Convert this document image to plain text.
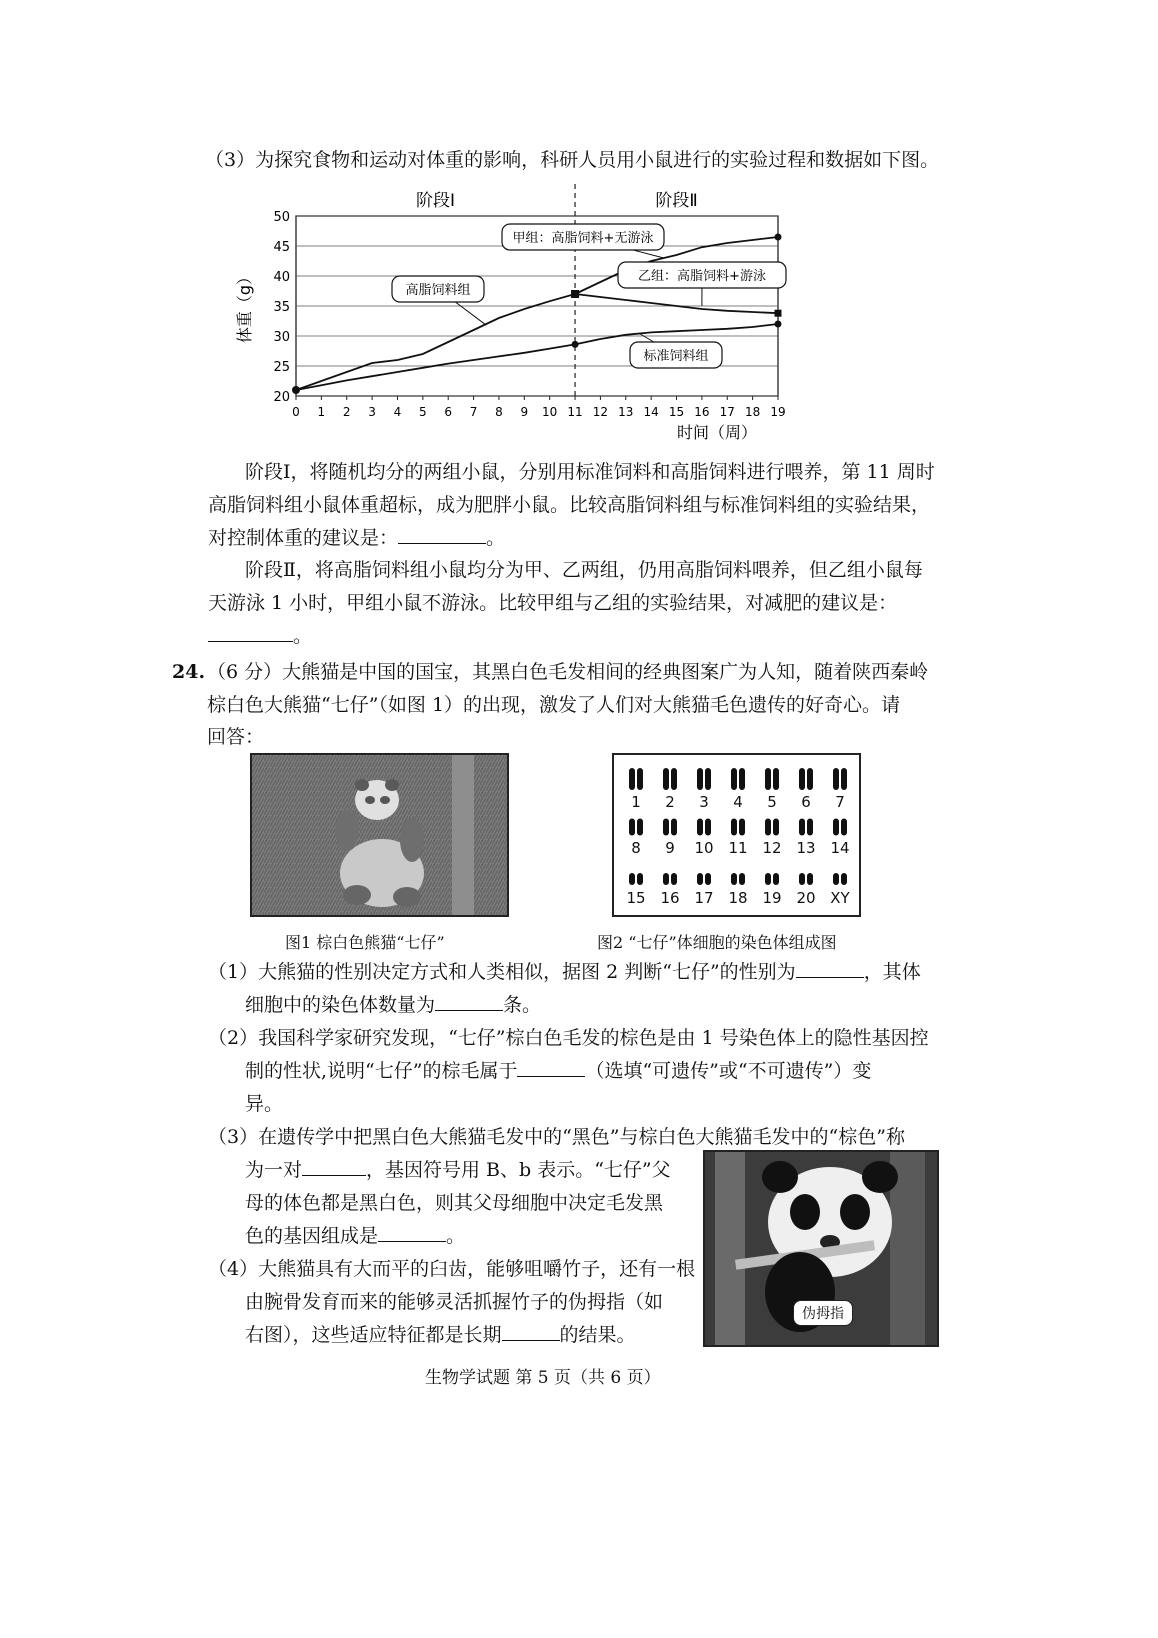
（3）为探究食物和运动对体重的影响，科研人员用小鼠进行的实验过程和数据如下图。
20
25
30
35
40
45
50
0 1 2 3 4 5 6 7 8 9 10 11 12 13 14 15 16 17 18 19
阶段Ⅰ	阶段Ⅱ
时间（周）
体重（g）	高脂饲料组
标准饲料组
甲组：高脂饲料+无游泳
乙组：高脂饲料+游泳
阶段Ⅰ，将随机均分的两组小鼠，分别用标准饲料和高脂饲料进行喂养，第 11 周时
高脂饲料组小鼠体重超标，成为肥胖小鼠。比较高脂饲料组与标准饲料组的实验结果，
对控制体重的建议是：	。
阶段Ⅱ，将高脂饲料组小鼠均分为甲、乙两组，仍用高脂饲料喂养，但乙组小鼠每
天游泳 1 小时，甲组小鼠不游泳。比较甲组与乙组的实验结果，对减肥的建议是：
。
24. （6 分）大熊猫是中国的国宝，其黑白色毛发相间的经典图案广为人知，随着陕西秦岭
棕白色大熊猫“七仔”（如图 1）的出现，激发了人们对大熊猫毛色遗传的好奇心。请
回答：
图1 棕白色熊猫“七仔”
1 2 3 4 5 6 7
8 9 10 11 12 13 14
15 16 17 18 19 20 XY
图2 “七仔”体细胞的染色体组成图
（1）大熊猫的性别决定方式和人类相似，据图 2 判断“七仔”的性别为	，其体
细胞中的染色体数量为	条。
（2）我国科学家研究发现，“七仔”棕白色毛发的棕色是由 1 号染色体上的隐性基因控
制的性状,说明“七仔”的棕毛属于	（选填“可遗传”或“不可遗传”）变
异。
（3）在遗传学中把黑白色大熊猫毛发中的“黑色”与棕白色大熊猫毛发中的“棕色”称
为一对	，基因符号用 B、b 表示。“七仔”父
母的体色都是黑白色，则其父母细胞中决定毛发黑
色的基因组成是	。
（4）大熊猫具有大而平的臼齿，能够咀嚼竹子，还有一根
由腕骨发育而来的能够灵活抓握竹子的伪拇指（如
右图），这些适应特征都是长期	的结果。
伪拇指
生物学试题 第 5 页（共 6 页）
